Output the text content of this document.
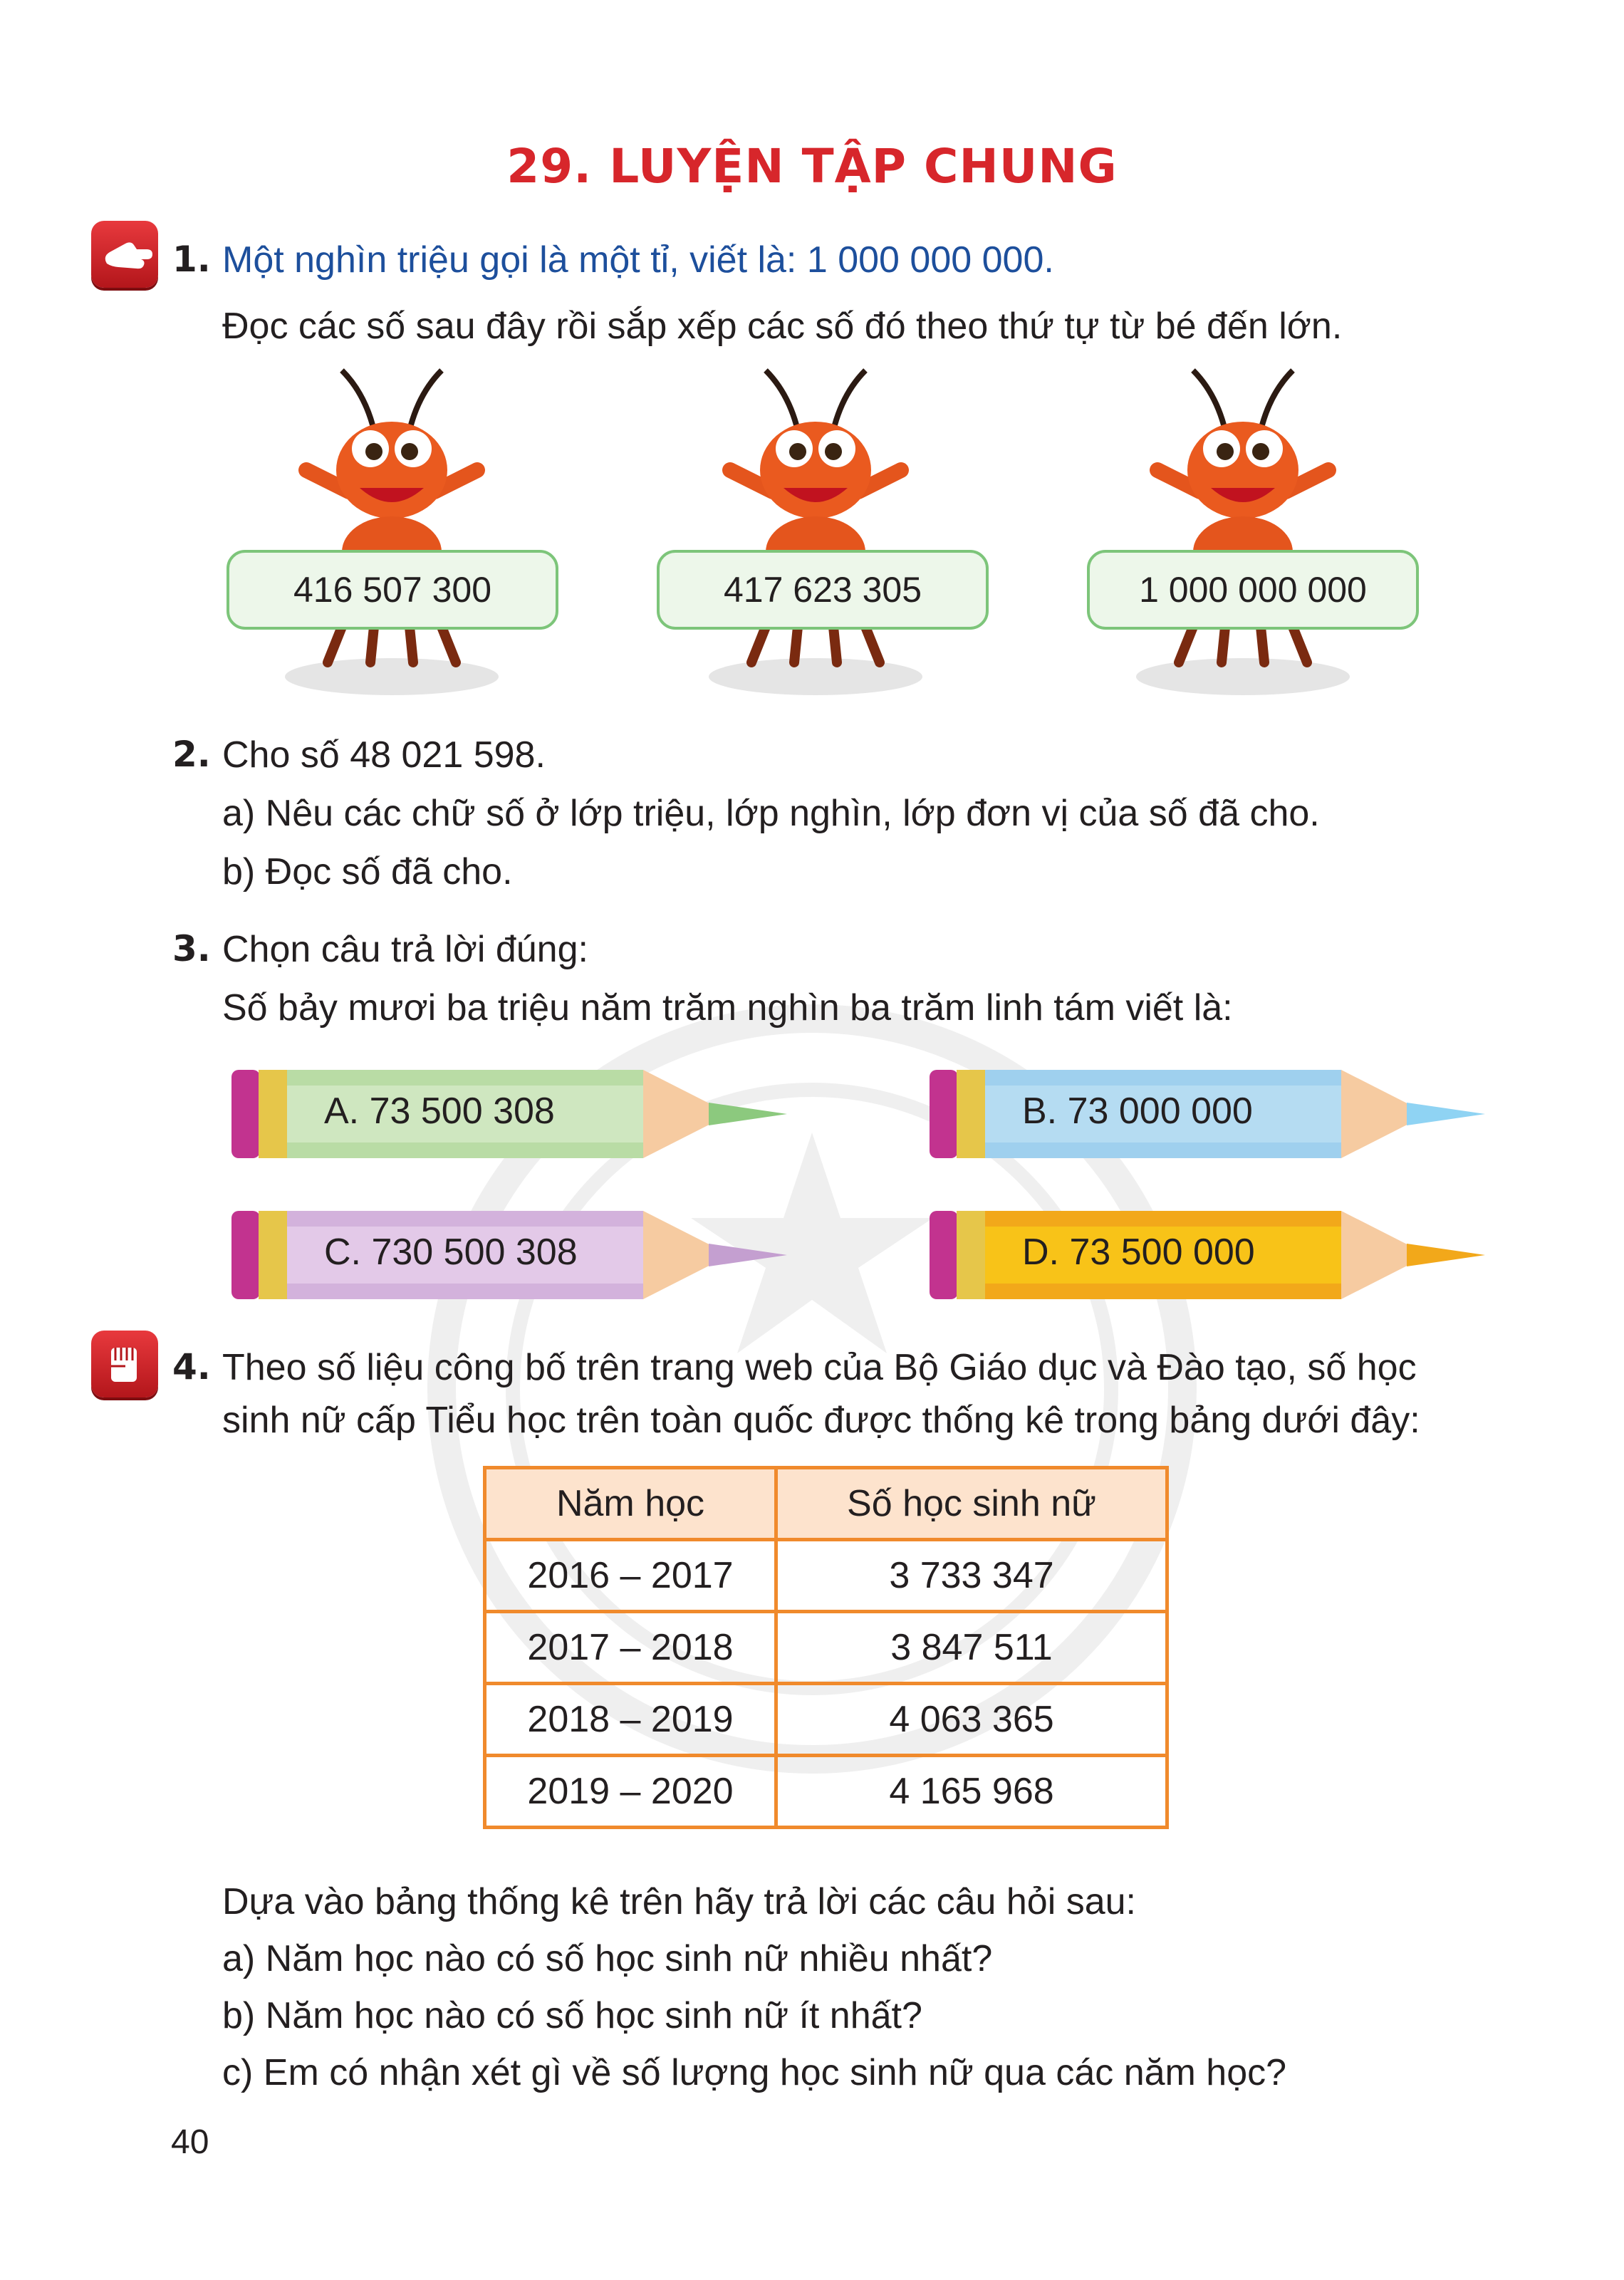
29. LUYỆN TẬP CHUNG
1. Một nghìn triệu gọi là một tỉ, viết là: 1 000 000 000.
Đọc các số sau đây rồi sắp xếp các số đó theo thứ tự từ bé đến lớn.
416 507 300	417 623 305	1 000 000 000
2. Cho số 48 021 598.
a) Nêu các chữ số ở lớp triệu, lớp nghìn, lớp đơn vị của số đã cho.
b) Đọc số đã cho.
3. Chọn câu trả lời đúng:
Số bảy mươi ba triệu năm trăm nghìn ba trăm linh tám viết là:
A. 73 500 308	B. 73 000 000
C. 730 500 308	D. 73 500 000
4. Theo số liệu công bố trên trang web của Bộ Giáo dục và Đào tạo, số học
sinh nữ cấp Tiểu học trên toàn quốc được thống kê trong bảng dưới đây:
Năm học	Số học sinh nữ
2016 – 2017	3 733 347
2017 – 2018	3 847 511
2018 – 2019	4 063 365
2019 – 2020	4 165 968
Dựa vào bảng thống kê trên hãy trả lời các câu hỏi sau:
a) Năm học nào có số học sinh nữ nhiều nhất?
b) Năm học nào có số học sinh nữ ít nhất?
c) Em có nhận xét gì về số lượng học sinh nữ qua các năm học?
40
